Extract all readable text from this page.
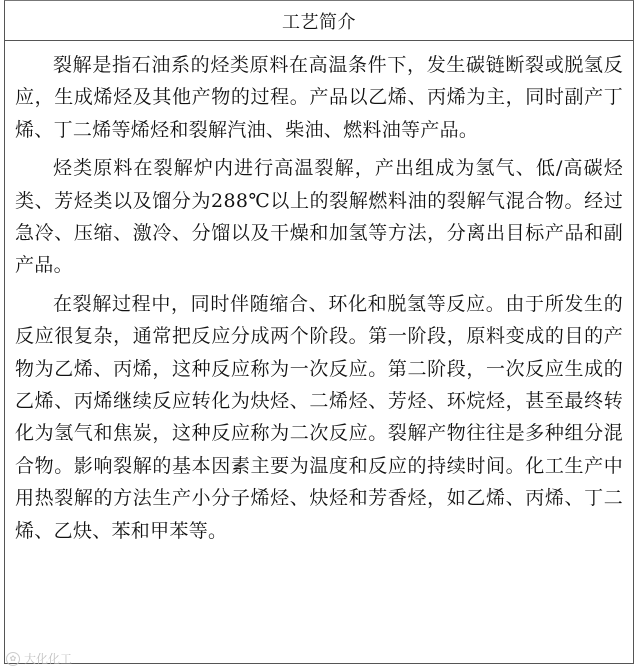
工艺简介

裂解是指石油系的烃类原料在高温条件下，发生碳链断裂或脱氢反应，生成烯烃及其他产物的过程。产品以乙烯、丙烯为主，同时副产丁烯、丁二烯等烯烃和裂解汽油、柴油、燃料油等产品。

烃类原料在裂解炉内进行高温裂解，产出组成为氢气、低/高碳烃类、芳烃类以及馏分为288℃以上的裂解燃料油的裂解气混合物。经过急冷、压缩、激冷、分馏以及干燥和加氢等方法，分离出目标产品和副产品。

在裂解过程中，同时伴随缩合、环化和脱氢等反应。由于所发生的反应很复杂，通常把反应分成两个阶段。第一阶段，原料变成的目的产物为乙烯、丙烯，这种反应称为一次反应。第二阶段，一次反应生成的乙烯、丙烯继续反应转化为炔烃、二烯烃、芳烃、环烷烃，甚至最终转化为氢气和焦炭，这种反应称为二次反应。裂解产物往往是多种组分混合物。影响裂解的基本因素主要为温度和反应的持续时间。化工生产中用热裂解的方法生产小分子烯烃、炔烃和芳香烃，如乙烯、丙烯、丁二烯、乙炔、苯和甲苯等。

✿ 大化化工
